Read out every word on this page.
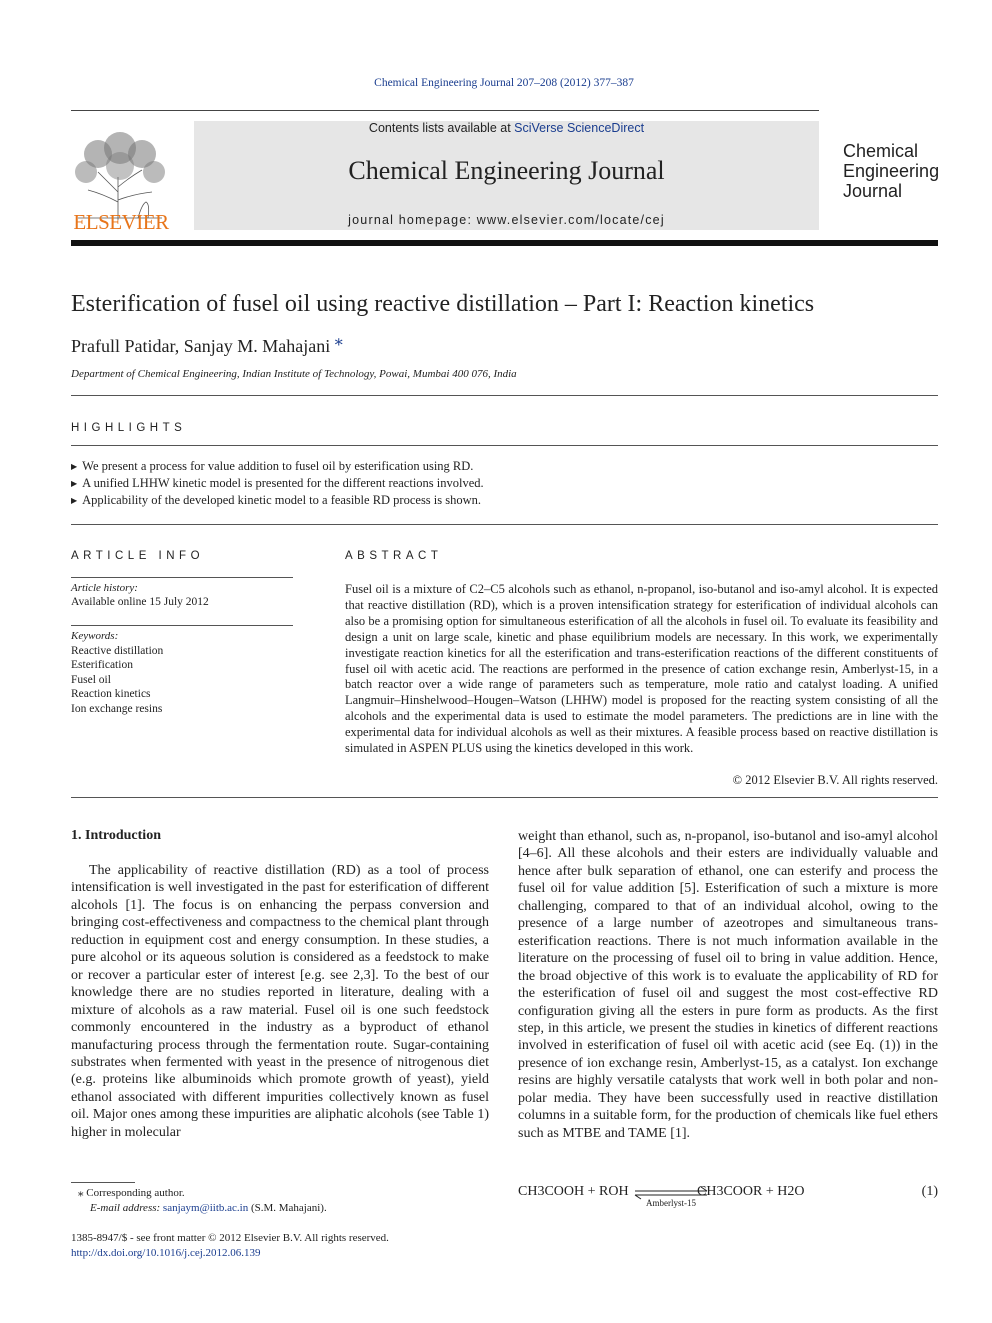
Chemical Engineering Journal 207–208 (2012) 377–387
ELSEVIER
Contents lists available at SciVerse ScienceDirect
Chemical Engineering Journal
journal homepage: www.elsevier.com/locate/cej
Chemical
Engineering
Journal
Esterification of fusel oil using reactive distillation – Part I: Reaction kinetics
Prafull Patidar, Sanjay M. Mahajani ⁎
Department of Chemical Engineering, Indian Institute of Technology, Powai, Mumbai 400 076, India
HIGHLIGHTS
▶ We present a process for value addition to fusel oil by esterification using RD.
▶ A unified LHHW kinetic model is presented for the different reactions involved.
▶ Applicability of the developed kinetic model to a feasible RD process is shown.
ARTICLE INFO
Article history:
Available online 15 July 2012
Keywords:
Reactive distillation
Esterification
Fusel oil
Reaction kinetics
Ion exchange resins
ABSTRACT
Fusel oil is a mixture of C2–C5 alcohols such as ethanol, n-propanol, iso-butanol and iso-amyl alcohol. It is expected that reactive distillation (RD), which is a proven intensification strategy for esterification of individual alcohols can also be a promising option for simultaneous esterification of all the alcohols in fusel oil. To evaluate its feasibility and design a unit on large scale, kinetic and phase equilibrium models are necessary. In this work, we experimentally investigate reaction kinetics for all the esterification and trans-esterification reactions of the different constituents of fusel oil with acetic acid. The reactions are performed in the presence of cation exchange resin, Amberlyst-15, in a batch reactor over a wide range of parameters such as temperature, mole ratio and catalyst loading. A unified Langmuir–Hinshelwood–Hougen–Watson (LHHW) model is proposed for the reacting system consisting of all the alcohols and the experimental data is used to estimate the model parameters. The predictions are in line with the experimental data for individual alcohols as well as their mixtures. A feasible process based on reactive distillation is simulated in ASPEN PLUS using the kinetics developed in this work.
© 2012 Elsevier B.V. All rights reserved.
1. Introduction
The applicability of reactive distillation (RD) as a tool of process intensification is well investigated in the past for esterification of different alcohols [1]. The focus is on enhancing the perpass conversion and bringing cost-effectiveness and compactness to the chemical plant through reduction in equipment cost and energy consumption. In these studies, a pure alcohol or its aqueous solution is considered as a feedstock to make or recover a particular ester of interest [e.g. see 2,3]. To the best of our knowledge there are no studies reported in literature, dealing with a mixture of alcohols as a raw material. Fusel oil is one such feedstock commonly encountered in the industry as a byproduct of ethanol manufacturing process through the fermentation route. Sugar-containing substrates when fermented with yeast in the presence of nitrogenous diet (e.g. proteins like albuminoids which promote growth of yeast), yield ethanol associated with different impurities collectively known as fusel oil. Major ones among these impurities are aliphatic alcohols (see Table 1) higher in molecular
weight than ethanol, such as, n-propanol, iso-butanol and iso-amyl alcohol [4–6]. All these alcohols and their esters are individually valuable and hence after bulk separation of ethanol, one can esterify and process the fusel oil for value addition [5]. Esterification of such a mixture is more challenging, compared to that of an individual alcohol, owing to the presence of a large number of azeotropes and simultaneous trans-esterification reactions. There is not much information available in the literature on the processing of fusel oil to bring in value addition. Hence, the broad objective of this work is to evaluate the applicability of RD for the esterification of fusel oil and suggest the most cost-effective RD configuration giving all the esters in pure form as products. As the first step, in this article, we present the studies in kinetics of different reactions involved in esterification of fusel oil with acetic acid (see Eq. (1)) in the presence of ion exchange resin, Amberlyst-15, as a catalyst. Ion exchange resins are highly versatile catalysts that work well in both polar and non-polar media. They have been successfully used in reactive distillation columns in a suitable form, for the production of chemicals like fuel ethers such as MTBE and TAME [1].
CH3COOH + ROH
Amberlyst-15
CH3COOR + H2O	(1)
⁎ Corresponding author.
E-mail address: sanjaym@iitb.ac.in (S.M. Mahajani).
1385-8947/$ - see front matter © 2012 Elsevier B.V. All rights reserved.
http://dx.doi.org/10.1016/j.cej.2012.06.139
